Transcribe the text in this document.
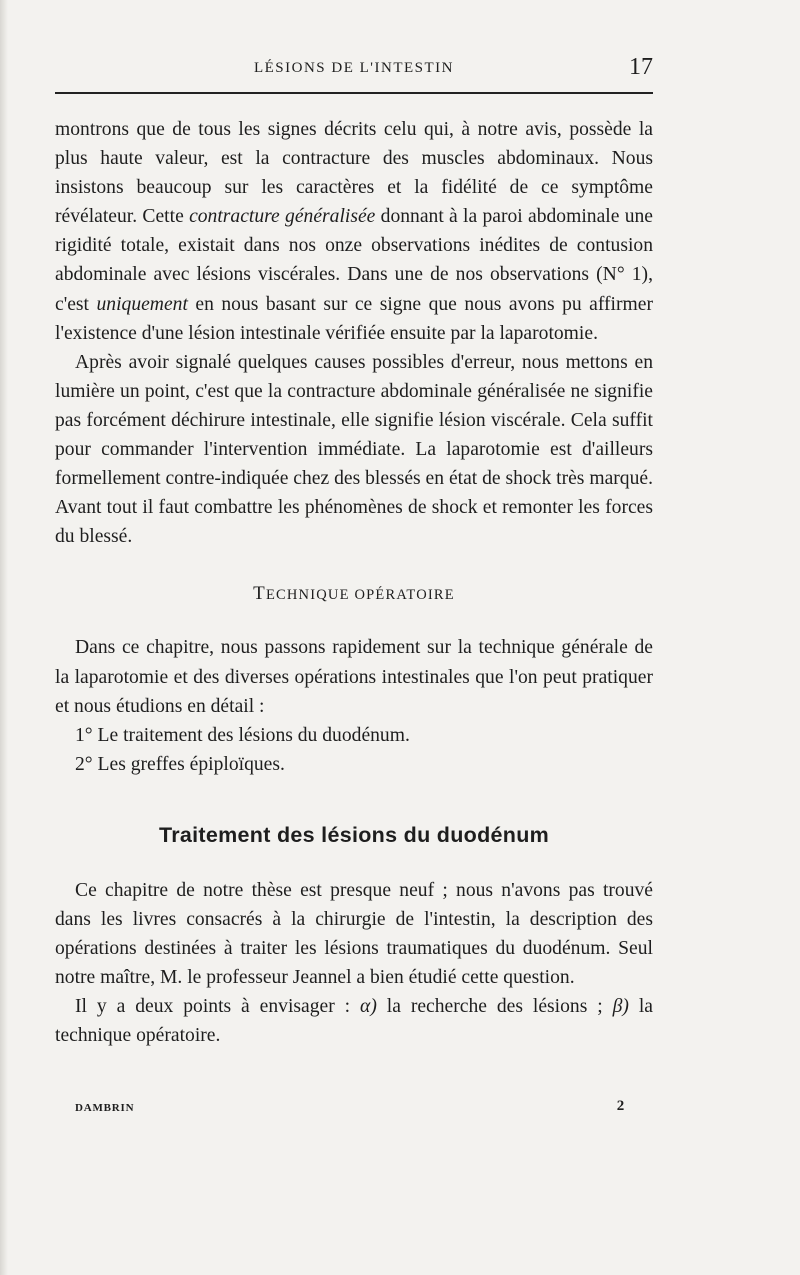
LÉSIONS DE L'INTESTIN	17

montrons que de tous les signes décrits celu qui, à notre avis, possède la plus haute valeur, est la contracture des muscles abdominaux. Nous insistons beaucoup sur les caractères et la fidélité de ce symptôme révélateur. Cette contracture généralisée donnant à la paroi abdominale une rigidité totale, existait dans nos onze observations inédites de contusion abdominale avec lésions viscérales. Dans une de nos observations (N° 1), c'est uniquement en nous basant sur ce signe que nous avons pu affirmer l'existence d'une lésion intestinale vérifiée ensuite par la laparotomie.

Après avoir signalé quelques causes possibles d'erreur, nous mettons en lumière un point, c'est que la contracture abdominale généralisée ne signifie pas forcément déchirure intestinale, elle signifie lésion viscérale. Cela suffit pour commander l'intervention immédiate. La laparotomie est d'ailleurs formellement contre-indiquée chez des blessés en état de shock très marqué. Avant tout il faut combattre les phénomènes de shock et remonter les forces du blessé.

TECHNIQUE OPÉRATOIRE

Dans ce chapitre, nous passons rapidement sur la technique générale de la laparotomie et des diverses opérations intestinales que l'on peut pratiquer et nous étudions en détail :

1° Le traitement des lésions du duodénum.

2° Les greffes épiploïques.

Traitement des lésions du duodénum

Ce chapitre de notre thèse est presque neuf ; nous n'avons pas trouvé dans les livres consacrés à la chirurgie de l'intestin, la description des opérations destinées à traiter les lésions traumatiques du duodénum. Seul notre maître, M. le professeur Jeannel a bien étudié cette question.

Il y a deux points à envisager : α) la recherche des lésions ; β) la technique opératoire.

DAMBRIN	2
